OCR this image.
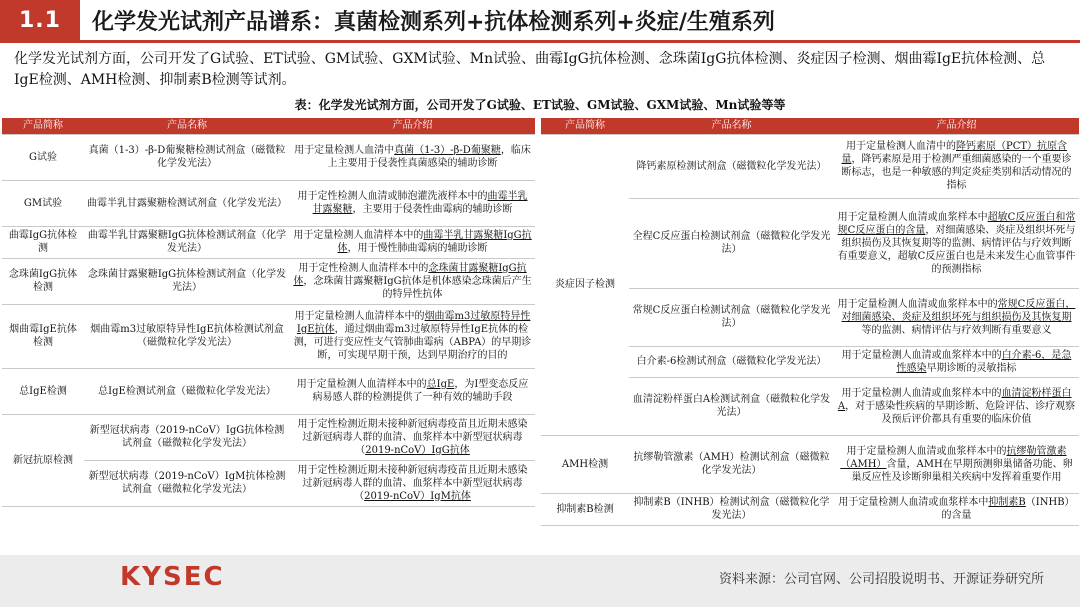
1.1	化学发光试剂产品谱系：真菌检测系列+抗体检测系列+炎症/生殖系列
化学发光试剂方面，公司开发了G试验、ET试验、GM试验、GXM试验、Mn试验、曲霉IgG抗体检测、念珠菌IgG抗体检测、炎症因子检测、烟曲霉IgE抗体检测、总IgE检测、AMH检测、抑制素B检测等试剂。
表：化学发光试剂方面，公司开发了G试验、ET试验、GM试验、GXM试验、Mn试验等等
产品简称	产品名称	产品介绍
G试验	真菌（1-3）-β-D葡聚糖检测试剂盒（磁微粒化学发光法）	用于定量检测人血清中真菌（1-3）-β-D葡聚糖，临床上主要用于侵袭性真菌感染的辅助诊断
GM试验	曲霉半乳甘露聚糖检测试剂盒（化学发光法）	用于定性检测人血清或肺泡灌洗液样本中的曲霉半乳甘露聚糖，主要用于侵袭性曲霉病的辅助诊断
曲霉IgG抗体检测	曲霉半乳甘露聚糖IgG抗体检测试剂盒（化学发光法）	用于定量检测人血清样本中的曲霉半乳甘露聚糖IgG抗体，用于慢性肺曲霉病的辅助诊断
念珠菌IgG抗体检测	念珠菌甘露聚糖IgG抗体检测试剂盒（化学发光法）	用于定性检测人血清样本中的念珠菌甘露聚糖IgG抗体，念珠菌甘露聚糖IgG抗体是机体感染念珠菌后产生的特异性抗体
烟曲霉IgE抗体检测	烟曲霉m3过敏原特异性IgE抗体检测试剂盒（磁微粒化学发光法）	用于定量检测人血清样本中的烟曲霉m3过敏原特异性IgE抗体，通过烟曲霉m3过敏原特异性IgE抗体的检测，可进行变应性支气管肺曲霉病（ABPA）的早期诊断，可实现早期干预，达到早期治疗的目的
总IgE检测	总IgE检测试剂盒（磁微粒化学发光法）	用于定量检测人血清样本中的总IgE，为I型变态反应病易感人群的检测提供了一种有效的辅助手段
新冠抗原检测	新型冠状病毒（2019-nCoV）IgG抗体检测试剂盒（磁微粒化学发光法）	用于定性检测近期未接种新冠病毒疫苗且近期未感染过新冠病毒人群的血清、血浆样本中新型冠状病毒（2019-nCoV）IgG抗体
	新型冠状病毒（2019-nCoV）IgM抗体检测试剂盒（磁微粒化学发光法）	用于定性检测近期未接种新冠病毒疫苗且近期未感染过新冠病毒人群的血清、血浆样本中新型冠状病毒（2019-nCoV）IgM抗体
产品简称	产品名称	产品介绍
炎症因子检测	降钙素原检测试剂盒（磁微粒化学发光法）	用于定量检测人血清中的降钙素原（PCT）抗原含量，降钙素原是用于检测严重细菌感染的一个重要诊断标志，也是一种敏感的判定炎症类别和活动情况的指标
	全程C反应蛋白检测试剂盒（磁微粒化学发光法）	用于定量检测人血清或血浆样本中超敏C反应蛋白和常规C反应蛋白的含量，对细菌感染、炎症及组织坏死与组织损伤及其恢复期等的监测、病情评估与疗效判断有重要意义，超敏C反应蛋白也是未来发生心血管事件的预测指标
	常规C反应蛋白检测试剂盒（磁微粒化学发光法）	用于定量检测人血清或血浆样本中的常规C反应蛋白，对细菌感染、炎症及组织坏死与组织损伤及其恢复期等的监测、病情评估与疗效判断有重要意义
	白介素-6检测试剂盒（磁微粒化学发光法）	用于定量检测人血清或血浆样本中的白介素-6，是急性感染早期诊断的灵敏指标
	血清淀粉样蛋白A检测试剂盒（磁微粒化学发光法）	用于定量检测人血清或血浆样本中的血清淀粉样蛋白A，对于感染性疾病的早期诊断、危险评估、诊疗观察及预后评价都具有重要的临床价值
AMH检测	抗缪勒管激素（AMH）检测试剂盒（磁微粒化学发光法）	用于定量检测人血清或血浆样本中的抗缪勒管激素（AMH）含量，AMH在早期预测卵巢储备功能、卵巢反应性及诊断卵巢相关疾病中发挥着重要作用
抑制素B检测	抑制素B（INHB）检测试剂盒（磁微粒化学发光法）	用于定量检测人血清或血浆样本中抑制素B（INHB）的含量
KYSEC	资料来源：公司官网、公司招股说明书、开源证券研究所
